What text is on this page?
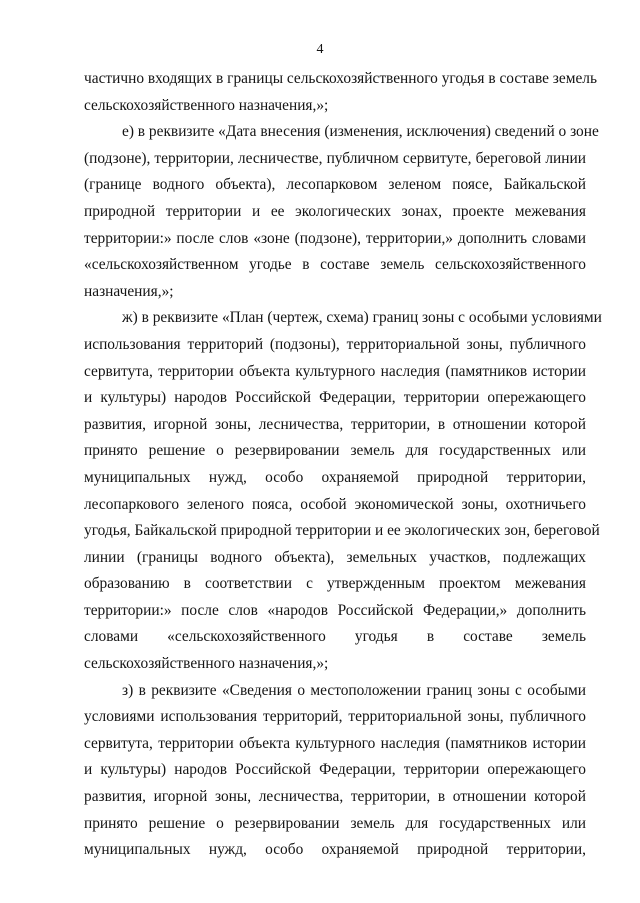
4
частично входящих в границы сельскохозяйственного угодья в составе земель
сельскохозяйственного назначения,»;
е) в реквизите «Дата внесения (изменения, исключения) сведений о зоне
(подзоне), территории, лесничестве, публичном сервитуте, береговой линии
(границе водного объекта), лесопарковом зеленом поясе, Байкальской
природной территории и ее экологических зонах, проекте межевания
территории:» после слов «зоне (подзоне), территории,» дополнить словами
«сельскохозяйственном угодье в составе земель сельскохозяйственного
назначения,»;
ж) в реквизите «План (чертеж, схема) границ зоны с особыми условиями
использования территорий (подзоны), территориальной зоны, публичного
сервитута, территории объекта культурного наследия (памятников истории
и культуры) народов Российской Федерации, территории опережающего
развития, игорной зоны, лесничества, территории, в отношении которой
принято решение о резервировании земель для государственных или
муниципальных нужд, особо охраняемой природной территории,
лесопаркового зеленого пояса, особой экономической зоны, охотничьего
угодья, Байкальской природной территории и ее экологических зон, береговой
линии (границы водного объекта), земельных участков, подлежащих
образованию в соответствии с утвержденным проектом межевания
территории:» после слов «народов Российской Федерации,» дополнить
словами «сельскохозяйственного угодья в составе земель
сельскохозяйственного назначения,»;
з) в реквизите «Сведения о местоположении границ зоны с особыми
условиями использования территорий, территориальной зоны, публичного
сервитута, территории объекта культурного наследия (памятников истории
и культуры) народов Российской Федерации, территории опережающего
развития, игорной зоны, лесничества, территории, в отношении которой
принято решение о резервировании земель для государственных или
муниципальных нужд, особо охраняемой природной территории,
